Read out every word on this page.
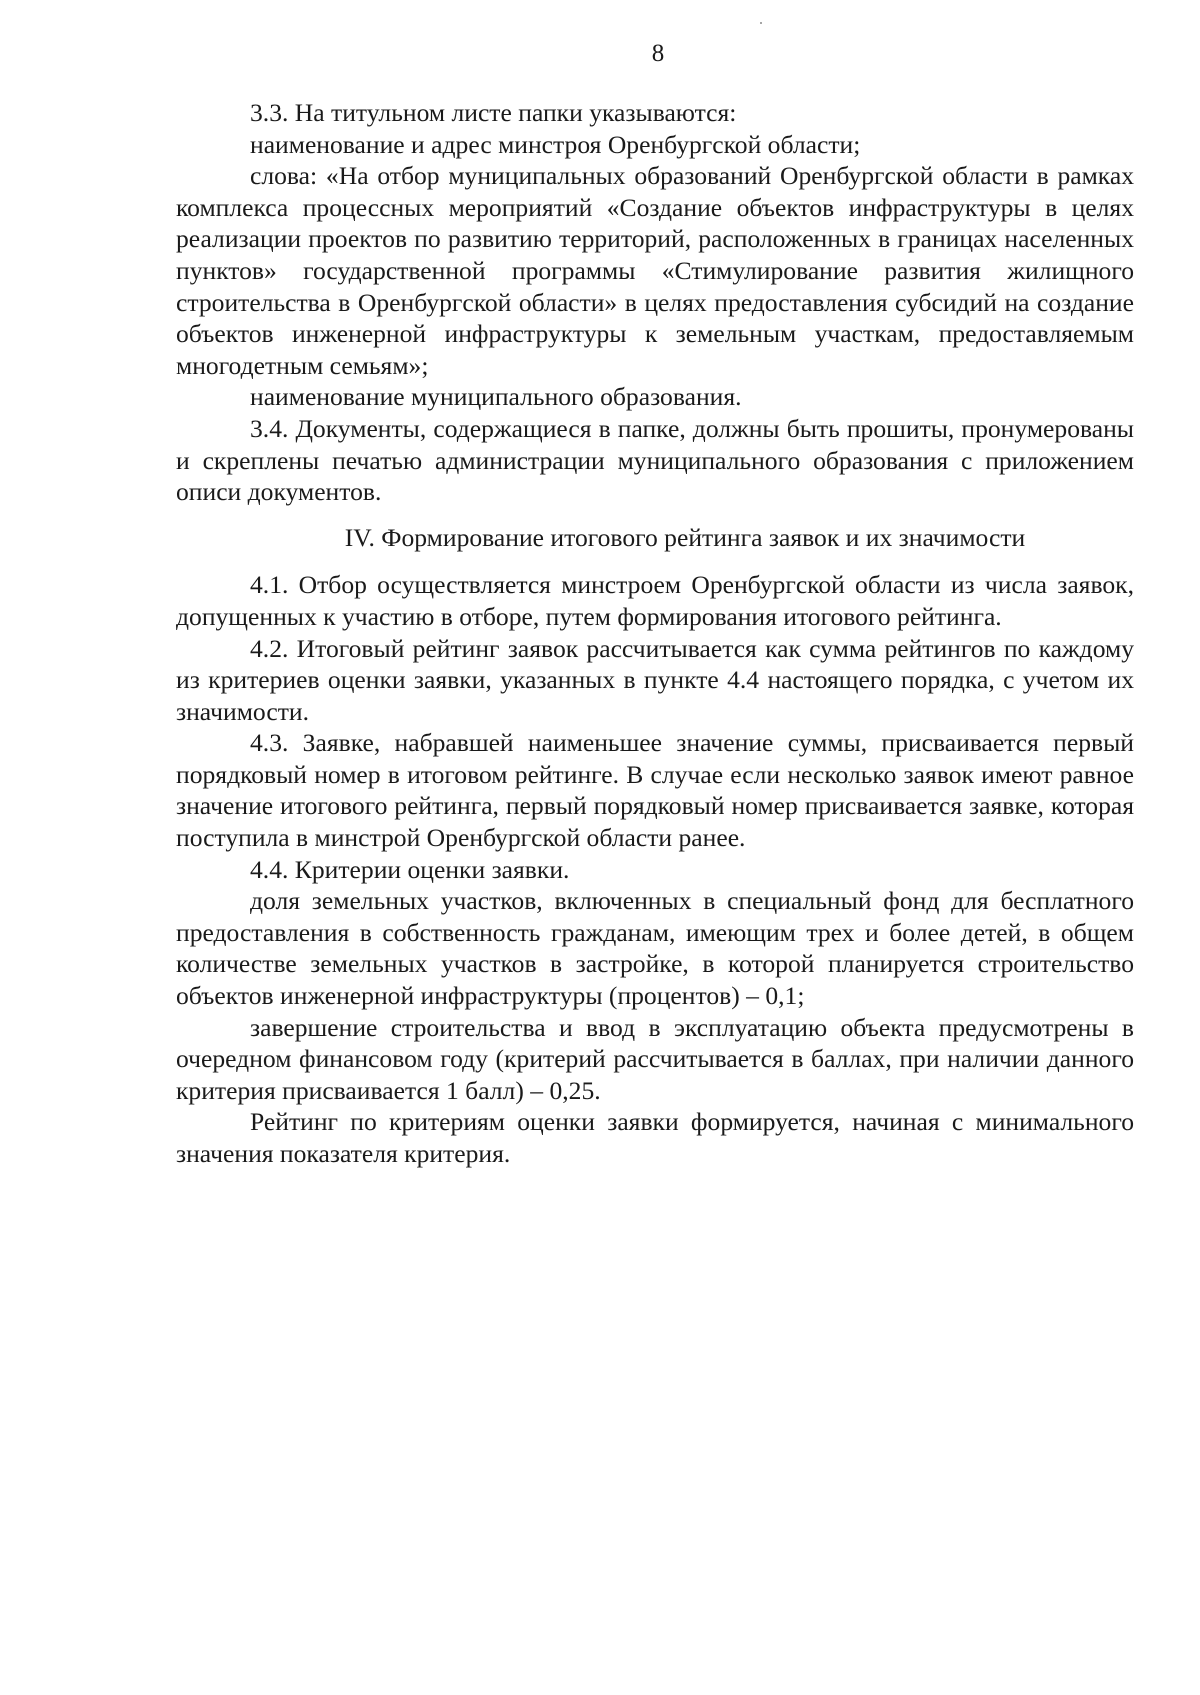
8

3.3. На титульном листе папки указываются:

наименование и адрес минстроя Оренбургской области;

слова: «На отбор муниципальных образований Оренбургской области в рамках комплекса процессных мероприятий «Создание объектов инфраструктуры в целях реализации проектов по развитию территорий, расположенных в границах населенных пунктов» государственной программы «Стимулирование развития жилищного строительства в Оренбургской области» в целях предоставления субсидий на создание объектов инженерной инфраструктуры к земельным участкам, предоставляемым многодетным семьям»;

наименование муниципального образования.

3.4. Документы, содержащиеся в папке, должны быть прошиты, пронумерованы и скреплены печатью администрации муниципального образования с приложением описи документов.

IV. Формирование итогового рейтинга заявок и их значимости

4.1. Отбор осуществляется минстроем Оренбургской области из числа заявок, допущенных к участию в отборе, путем формирования итогового рейтинга.

4.2. Итоговый рейтинг заявок рассчитывается как сумма рейтингов по каждому из критериев оценки заявки, указанных в пункте 4.4 настоящего порядка, с учетом их значимости.

4.3. Заявке, набравшей наименьшее значение суммы, присваивается первый порядковый номер в итоговом рейтинге. В случае если несколько заявок имеют равное значение итогового рейтинга, первый порядковый номер присваивается заявке, которая поступила в минстрой Оренбургской области ранее.

4.4. Критерии оценки заявки.

доля земельных участков, включенных в специальный фонд для бесплатного предоставления в собственность гражданам, имеющим трех и более детей, в общем количестве земельных участков в застройке, в которой планируется строительство объектов инженерной инфраструктуры (процентов) – 0,1;

завершение строительства и ввод в эксплуатацию объекта предусмотрены в очередном финансовом году (критерий рассчитывается в баллах, при наличии данного критерия присваивается 1 балл) – 0,25.

Рейтинг по критериям оценки заявки формируется, начиная с минимального значения показателя критерия.
